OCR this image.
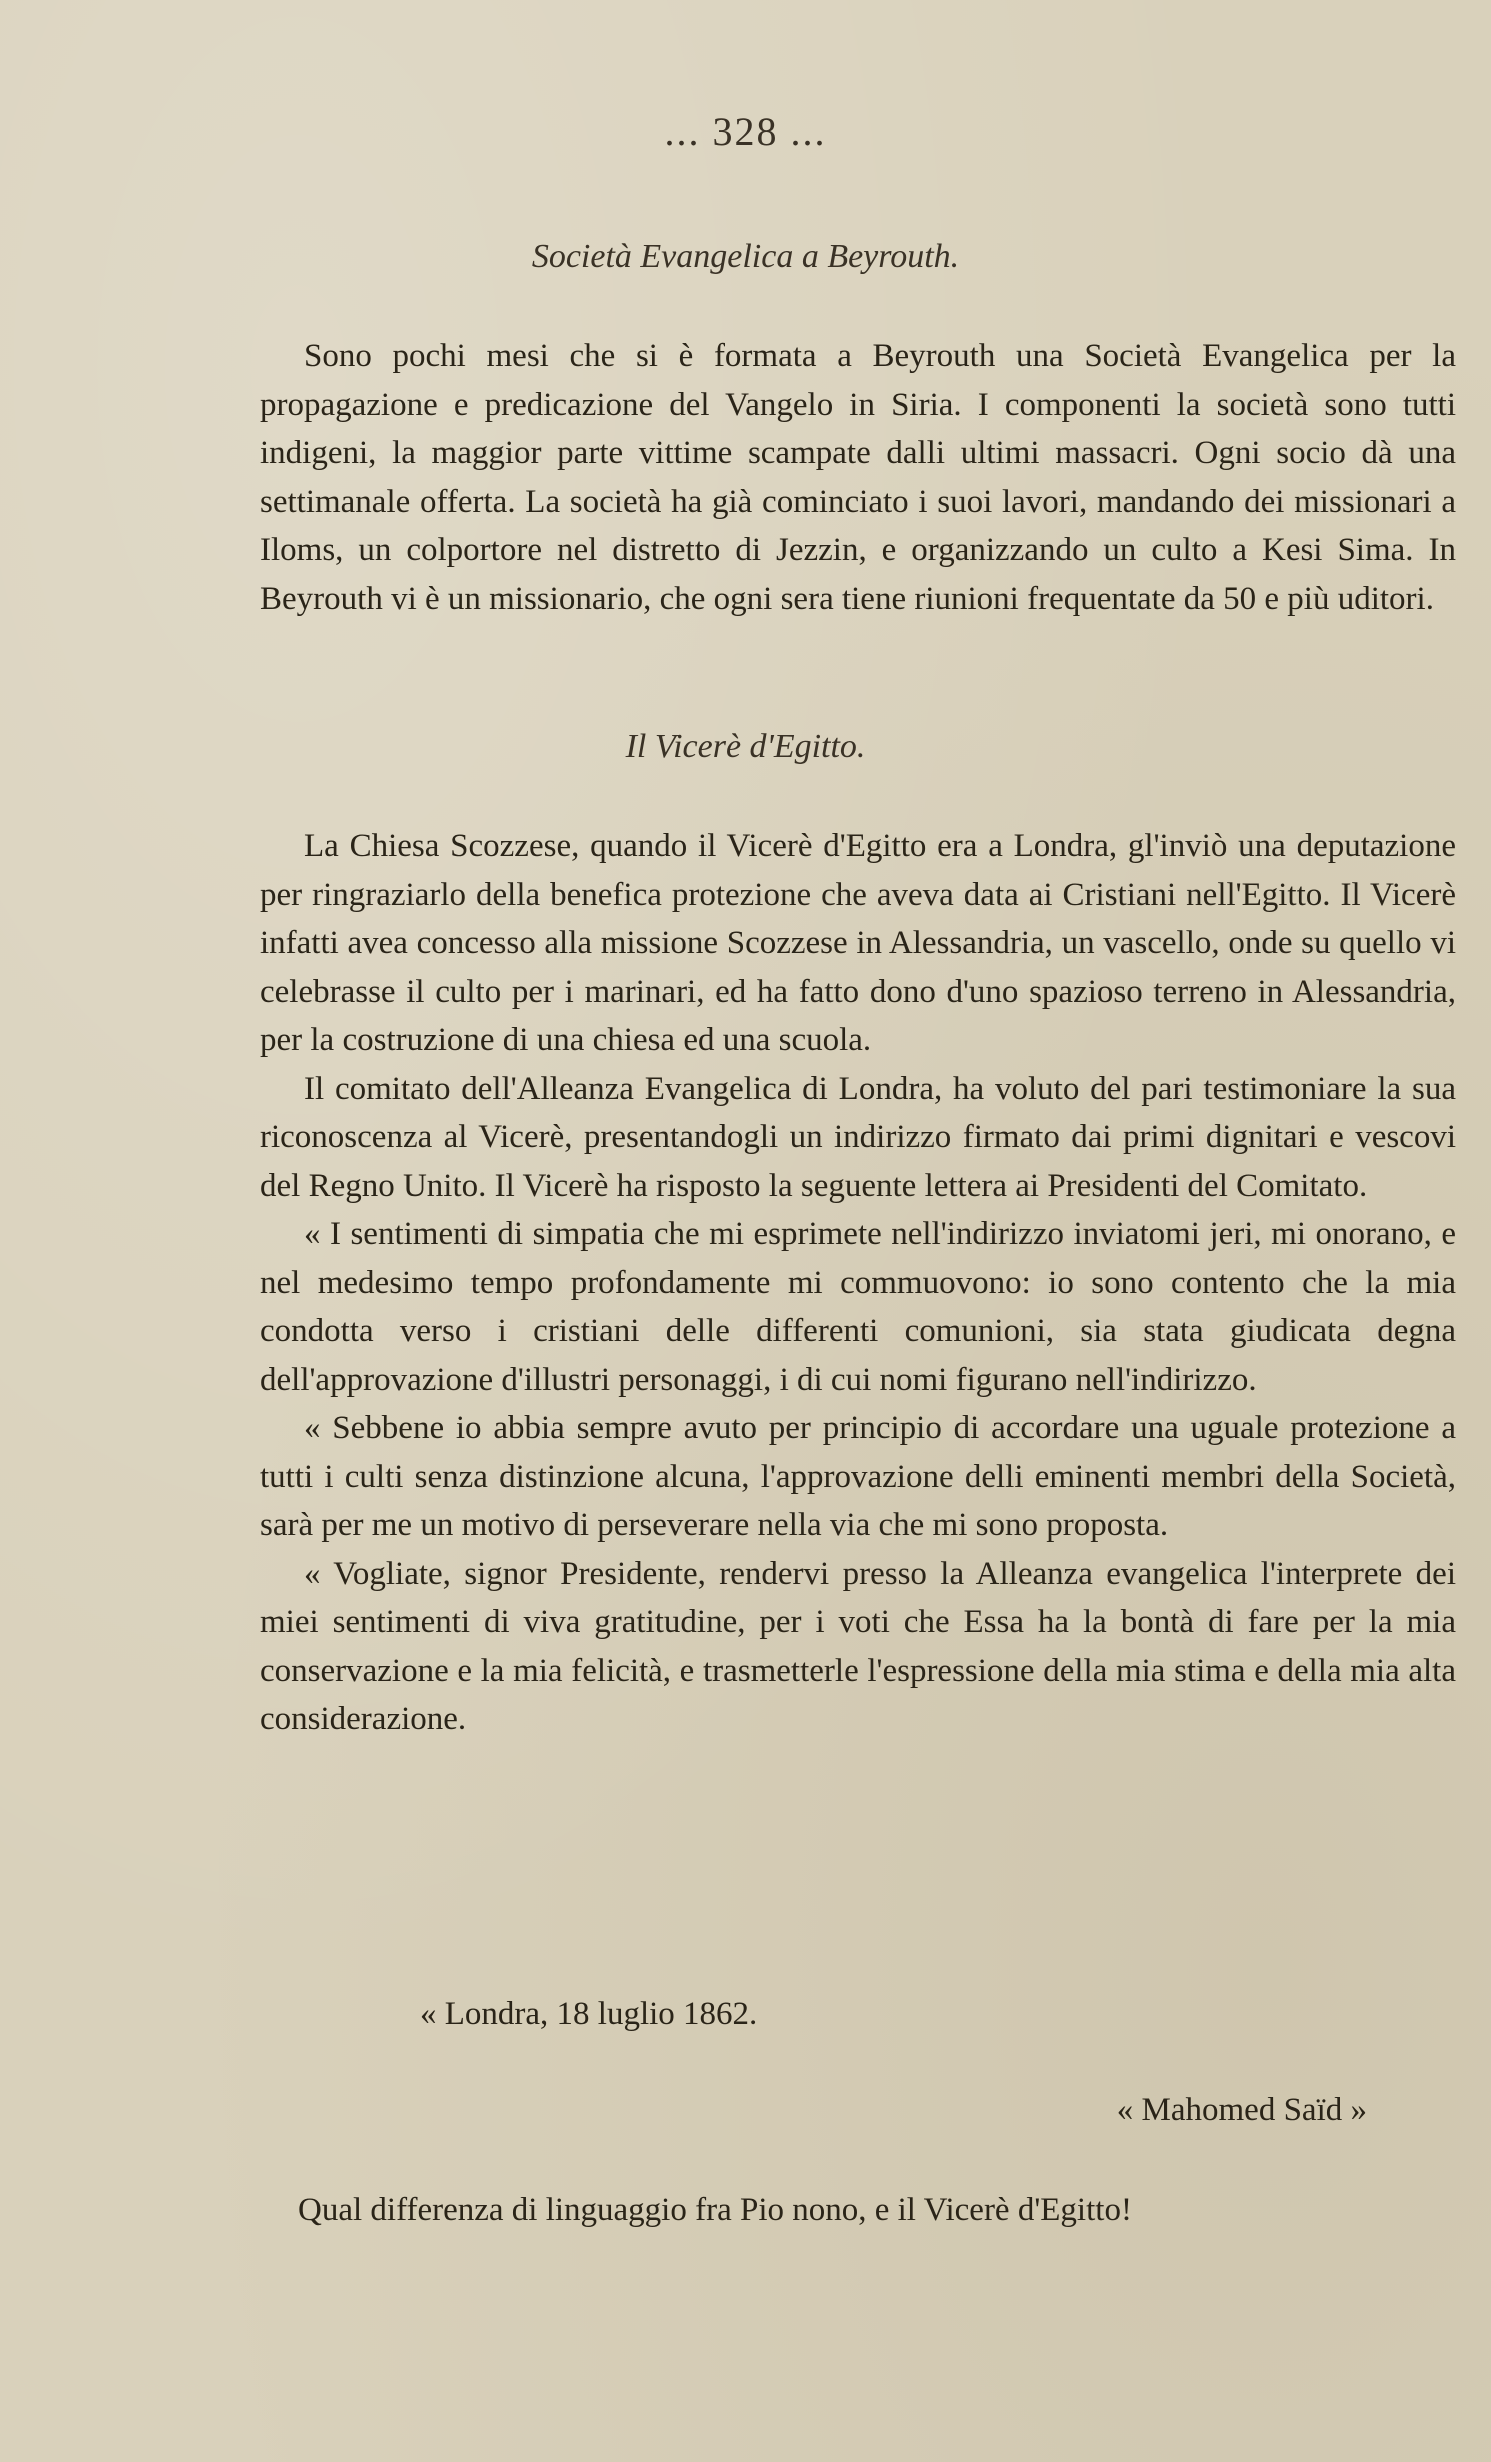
... 328 ...
Società Evangelica a Beyrouth.

Sono pochi mesi che si è formata a Beyrouth una Società Evangelica per la propagazione e predicazione del Vangelo in Siria. I componenti la società sono tutti indigeni, la maggior parte vittime scampate dalli ultimi massacri. Ogni socio dà una settimanale offerta. La società ha già cominciato i suoi lavori, mandando dei missionari a Iloms, un colportore nel distretto di Jezzin, e organizzando un culto a Kesi Sima. In Beyrouth vi è un missionario, che ogni sera tiene riunioni frequentate da 50 e più uditori.

Il Vicerè d'Egitto.

La Chiesa Scozzese, quando il Vicerè d'Egitto era a Londra, gl'inviò una deputazione per ringraziarlo della benefica protezione che aveva data ai Cristiani nell'Egitto. Il Vicerè infatti avea concesso alla missione Scozzese in Alessandria, un vascello, onde su quello vi celebrasse il culto per i marinari, ed ha fatto dono d'uno spazioso terreno in Alessandria, per la costruzione di una chiesa ed una scuola.

Il comitato dell'Alleanza Evangelica di Londra, ha voluto del pari testimoniare la sua riconoscenza al Vicerè, presentandogli un indirizzo firmato dai primi dignitari e vescovi del Regno Unito. Il Vicerè ha risposto la seguente lettera ai Presidenti del Comitato.

« I sentimenti di simpatia che mi esprimete nell'indirizzo inviatomi jeri, mi onorano, e nel medesimo tempo profondamente mi commuovono: io sono contento che la mia condotta verso i cristiani delle differenti comunioni, sia stata giudicata degna dell'approvazione d'illustri personaggi, i di cui nomi figurano nell'indirizzo.

« Sebbene io abbia sempre avuto per principio di accordare una uguale protezione a tutti i culti senza distinzione alcuna, l'approvazione delli eminenti membri della Società, sarà per me un motivo di perseverare nella via che mi sono proposta.

« Vogliate, signor Presidente, rendervi presso la Alleanza evangelica l'interprete dei miei sentimenti di viva gratitudine, per i voti che Essa ha la bontà di fare per la mia conservazione e la mia felicità, e trasmetterle l'espressione della mia stima e della mia alta considerazione.

« Londra, 18 luglio 1862.
« Mahomed Saïd »
Qual differenza di linguaggio fra Pio nono, e il Vicerè d'Egitto!
